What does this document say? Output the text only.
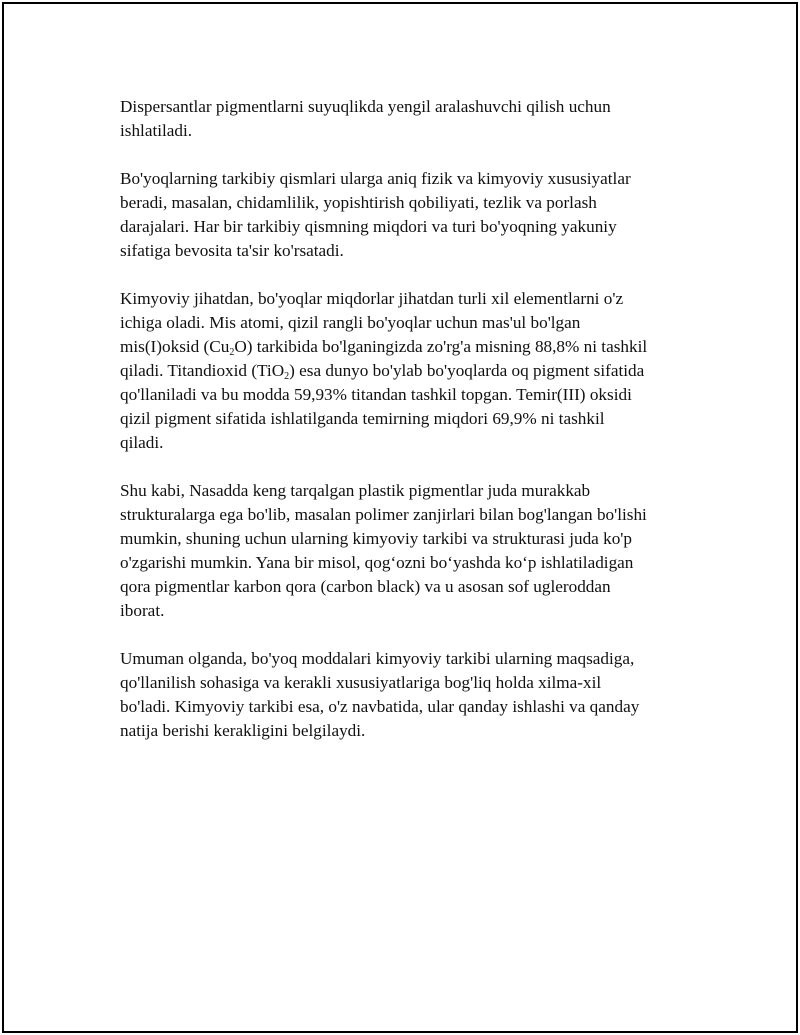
Dispersantlar pigmentlarni suyuqlikda yengil aralashuvchi qilish uchun
ishlatiladi.
Bo'yoqlarning tarkibiy qismlari ularga aniq fizik va kimyoviy xususiyatlar
beradi, masalan, chidamlilik, yopishtirish qobiliyati, tezlik va porlash
darajalari. Har bir tarkibiy qismning miqdori va turi bo'yoqning yakuniy
sifatiga bevosita ta'sir ko'rsatadi.
Kimyoviy jihatdan, bo'yoqlar miqdorlar jihatdan turli xil elementlarni o'z
ichiga oladi. Mis atomi, qizil rangli bo'yoqlar uchun mas'ul bo'lgan
mis(I)oksid $(Cu_2O)$ tarkibida bo'lganingizda zo'rg'a misning 88,8% ni tashkil
qiladi. Titandioxid (TiO$_2$) esa dunyo bo'ylab bo'yoqlarda oq pigment sifatida
qo'llaniladi va bu modda 59,93% titandan tashkil topgan. Temir(III) oksidi
qizil pigment sifatida ishlatilganda temirning miqdori 69,9% ni tashkil
qiladi.
Shu kabi, Nasadda keng tarqalgan plastik pigmentlar juda murakkab
strukturalarga ega bo'lib, masalan polimer zanjirlari bilan bog'langan bo'lishi
mumkin, shuning uchun ularning kimyoviy tarkibi va strukturasi juda ko'p
o'zgarishi mumkin. Yana bir misol, qog‘ozni bo‘yashda ko‘p ishlatiladigan
qora pigmentlar karbon qora (carbon black) va u asosan sof ugleroddan
iborat.
Umuman olganda, bo'yoq moddalari kimyoviy tarkibi ularning maqsadiga,
qo'llanilish sohasiga va kerakli xususiyatlariga bog'liq holda xilma-xil
bo'ladi. Kimyoviy tarkibi esa, o'z navbatida, ular qanday ishlashi va qanday
natija berishi kerakligini belgilaydi.
